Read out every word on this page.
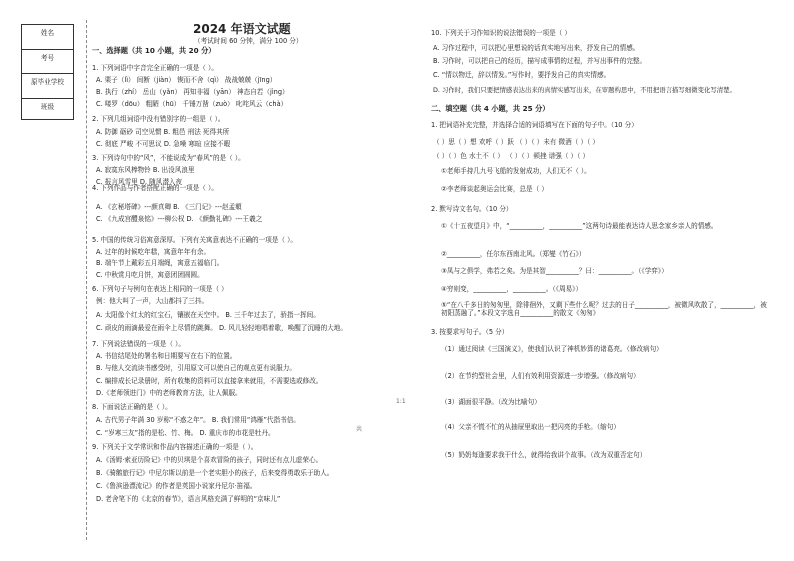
姓名
考号
原毕业学校
班级
2024 年语文试题
（考试时间 60 分钟，满分 100 分）
一、选择题（共 10 小题，共 20 分）
1. 下列词语中字音完全正确的一项是（ ）。
A. 栗子（lì） 间断（jiàn） 锲而不舍（qì） 战战兢兢（jīng）
B. 执行（zhí） 岳山（yǎn） 再知非福（yān） 神态自若（jìng）
C. 喽罗（dōu） 粗陋（hū） 千锤万凿（zuò） 叱咤风云（chà）
2. 下列几组词语中没有错别字的一组是（ ）。
A. 防御 砺砂 司空见惯 B. 粗邑 刑法 死得其所
C. 彻底 严峻 不可思议 D. 急噪 寒暄 应接不暇
3. 下列诗句中的“风”，不能说成为“春风”的是（ ）。
A. 寂寞东风棒物铃 B. 出没风浪里
C. 报言风雪里 D. 随风潜入夜
4. 下列作品与作者搭配正确的一项是（ ）。
A. 《玄秘塔碑》---颜真卿 B. 《三门记》---赵孟頫
C. 《九成宫醴泉铭》---柳公权 D. 《颜勤礼碑》---王羲之
5. 中国的传统习俗寓意深厚。下列有关寓意表达不正确的一项是（ ）。
A. 过年的时候吃年糕，寓意年年有余。
B. 端午节上戴彩五月端绳，寓意五福临门。
C. 中秋赏月吃月饼，寓意团团圆圆。
6. 下列句子与例句在表达上相同的一项是（ ）
例：他大叫了一声，大山都抖了三抖。
A. 太阳像个红太的红宝石，镶嵌在天空中。 B. 三千年过去了，骄指一挥间。
C. 顽皮的雨滴最爱在雨伞上尽情的跳舞。 D. 风儿轻轻地唱着歌，唤醒了沉睡的大地。
7. 下列说法错误的一项是（ ）。
A. 书信结尾处的署名和日期要写在右下的位置。
B. 与他人交流读书感受时，引用原文可以使自己的观点更有说服力。
C. 编排成长记录册时，所有收集的资料可以直接拿来就用，不需要选或修改。
D.《老师领进门》中的老师教育方法，让人佩服。
8. 下面说法正确的是（ ）。
A. 古代男子年满 30 岁称“不惑之年”。 B. 我们常用“鸿雁”代指书信。
C. “岁寒三友”指的是松、竹、梅。 D. 重庆市的市花是牡丹。
9. 下列关于文学常识和作品内容描述正确的一项是（ ）。
A.《汤姆·索亚历险记》中的贝琪是个喜欢冒险的孩子，同时还有点儿虚荣心。
B.《骑鹅旅行记》中尼尔斯以前是一个老实胆小的孩子，后来变得勇敢乐于助人。
C.《鲁滨逊漂流记》的作者是英国小说家丹尼尔·笛福。
D. 老舍笔下的《北京的春节》，语言风格充满了鲜明的“京味儿”
1:1
共
10. 下列关于习作知识的说法错误的一项是（ ）
A. 习作过程中，可以把心里想说的话真实地写出来，抒发自己的情感。
B. 习作时，可以把自己的经历，描写成事情的过程，并写出事件的完整。
C. “情以物迁，辞以情发。”写作时，要抒发自己的真实情感。
D. 习作时，我们只要把情感表达出来的真情实感写出来，在审题构思中，不用把语言描写细微变化写清楚。
二、填空题（共 4 小题，共 25 分）
1. 把词语补充完整，并选择合适的词语填写在下面的句子中。（10 分）
（ ）思（ ）想 欢呼（ ）跃 （ ）（ ）未有 微酒（ ）（ ）
（ ）（ ）色 水土不（ ） （ ）（ ）顿挫 谱强（ ）（ ）
①老师手持几九号飞船的发射成功，人们无不（ ）。
②李老师谈起奥运会比赛，总是（ ）
2. 默写诗文名句。（10 分）
①《十五夜望月》中，“__________，__________”这两句诗最能表达诗人思念家乡亲人的情感。
②__________，任尔东西南北风。（郑燮《竹石》）
③凤与之俱学，弗若之矣。为是其智__________？曰：__________。（《学弈》）
④穷则变，__________，__________。（《周易》）
⑤“在八千多日的匆匆里，除徘徊外，又剩下些什么呢？过去的日子__________，被微风吹散了，__________，被初阳蒸融了。”本段文字选自__________的散文《匆匆》
3. 按要求写句子。（5 分）
（1）通过阅读《三国演义》，使我们认识了神机妙算的诸葛亮。（修改病句）
（2）在节约型社会里，人们有效利用资源进一步增强。（修改病句）
（3）湖面很平静。（改为比喻句）
（4）父亲不慌不忙的从抽屉里取出一把闪亮的手枪。（缩句）
（5）奶奶每逢要求我干什么，就得给我讲个故事。（改为双重否定句）
